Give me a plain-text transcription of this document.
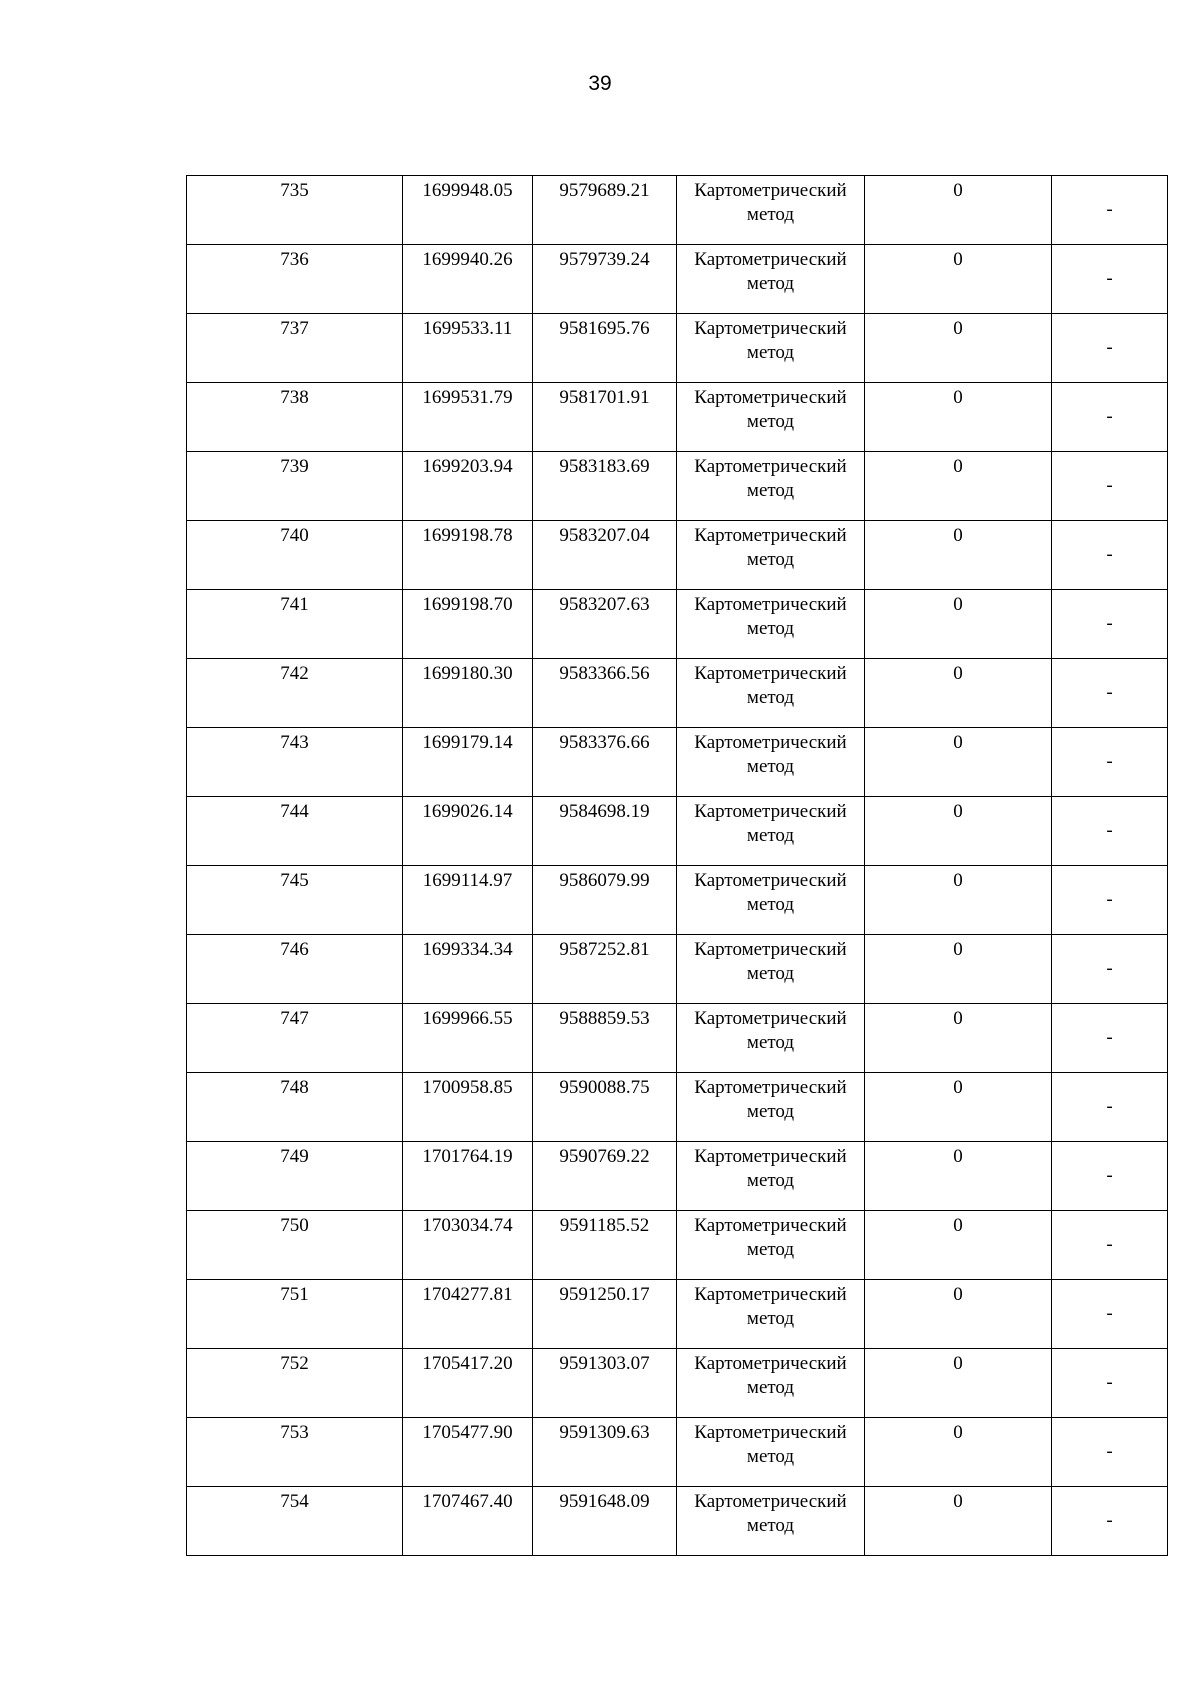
39
735	1699948.05	9579689.21	Картометрический метод	0	-

736	1699940.26	9579739.24	Картометрический метод	0	-

737	1699533.11	9581695.76	Картометрический метод	0	-

738	1699531.79	9581701.91	Картометрический метод	0	-

739	1699203.94	9583183.69	Картометрический метод	0	-

740	1699198.78	9583207.04	Картометрический метод	0	-

741	1699198.70	9583207.63	Картометрический метод	0	-

742	1699180.30	9583366.56	Картометрический метод	0	-

743	1699179.14	9583376.66	Картометрический метод	0	-

744	1699026.14	9584698.19	Картометрический метод	0	-

745	1699114.97	9586079.99	Картометрический метод	0	-

746	1699334.34	9587252.81	Картометрический метод	0	-

747	1699966.55	9588859.53	Картометрический метод	0	-

748	1700958.85	9590088.75	Картометрический метод	0	-

749	1701764.19	9590769.22	Картометрический метод	0	-

750	1703034.74	9591185.52	Картометрический метод	0	-

751	1704277.81	9591250.17	Картометрический метод	0	-

752	1705417.20	9591303.07	Картометрический метод	0	-

753	1705477.90	9591309.63	Картометрический метод	0	-

754	1707467.40	9591648.09	Картометрический метод	0	-
